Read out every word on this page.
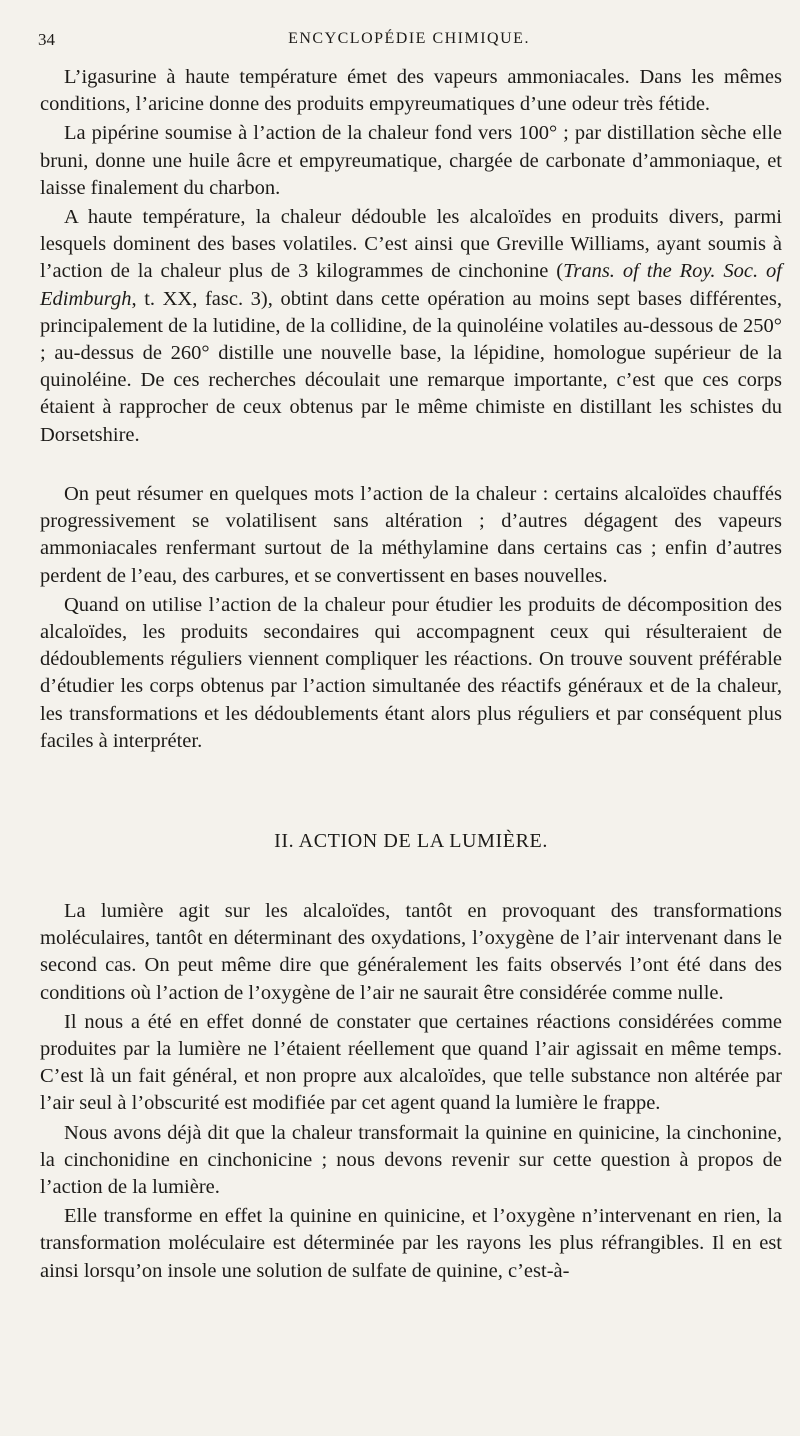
34	ENCYCLOPÉDIE CHIMIQUE.

L’igasurine à haute température émet des vapeurs ammoniacales. Dans les mêmes conditions, l’aricine donne des produits empyreumatiques d’une odeur très fétide.

La pipérine soumise à l’action de la chaleur fond vers 100° ; par distillation sèche elle bruni, donne une huile âcre et empyreumatique, chargée de carbonate d’ammoniaque, et laisse finalement du charbon.

A haute température, la chaleur dédouble les alcaloïdes en produits divers, parmi lesquels dominent des bases volatiles. C’est ainsi que Greville Williams, ayant soumis à l’action de la chaleur plus de 3 kilogrammes de cinchonine (Trans. of the Roy. Soc. of Edimburgh, t. XX, fasc. 3), obtint dans cette opération au moins sept bases différentes, principalement de la lutidine, de la collidine, de la quinoléine volatiles au-dessous de 250° ; au-dessus de 260° distille une nouvelle base, la lépidine, homologue supérieur de la quinoléine. De ces recherches découlait une remarque importante, c’est que ces corps étaient à rapprocher de ceux obtenus par le même chimiste en distillant les schistes du Dorsetshire.

On peut résumer en quelques mots l’action de la chaleur : certains alcaloïdes chauffés progressivement se volatilisent sans altération ; d’autres dégagent des vapeurs ammoniacales renfermant surtout de la méthylamine dans certains cas ; enfin d’autres perdent de l’eau, des carbures, et se convertissent en bases nouvelles.

Quand on utilise l’action de la chaleur pour étudier les produits de décomposition des alcaloïdes, les produits secondaires qui accompagnent ceux qui résulteraient de dédoublements réguliers viennent compliquer les réactions. On trouve souvent préférable d’étudier les corps obtenus par l’action simultanée des réactifs généraux et de la chaleur, les transformations et les dédoublements étant alors plus réguliers et par conséquent plus faciles à interpréter.

II. ACTION DE LA LUMIÈRE.

La lumière agit sur les alcaloïdes, tantôt en provoquant des transformations moléculaires, tantôt en déterminant des oxydations, l’oxygène de l’air intervenant dans le second cas. On peut même dire que généralement les faits observés l’ont été dans des conditions où l’action de l’oxygène de l’air ne saurait être considérée comme nulle.

Il nous a été en effet donné de constater que certaines réactions considérées comme produites par la lumière ne l’étaient réellement que quand l’air agissait en même temps. C’est là un fait général, et non propre aux alcaloïdes, que telle substance non altérée par l’air seul à l’obscurité est modifiée par cet agent quand la lumière le frappe.

Nous avons déjà dit que la chaleur transformait la quinine en quinicine, la cinchonine, la cinchonidine en cinchonicine ; nous devons revenir sur cette question à propos de l’action de la lumière.

Elle transforme en effet la quinine en quinicine, et l’oxygène n’intervenant en rien, la transformation moléculaire est déterminée par les rayons les plus réfrangibles. Il en est ainsi lorsqu’on insole une solution de sulfate de quinine, c’est-à-
